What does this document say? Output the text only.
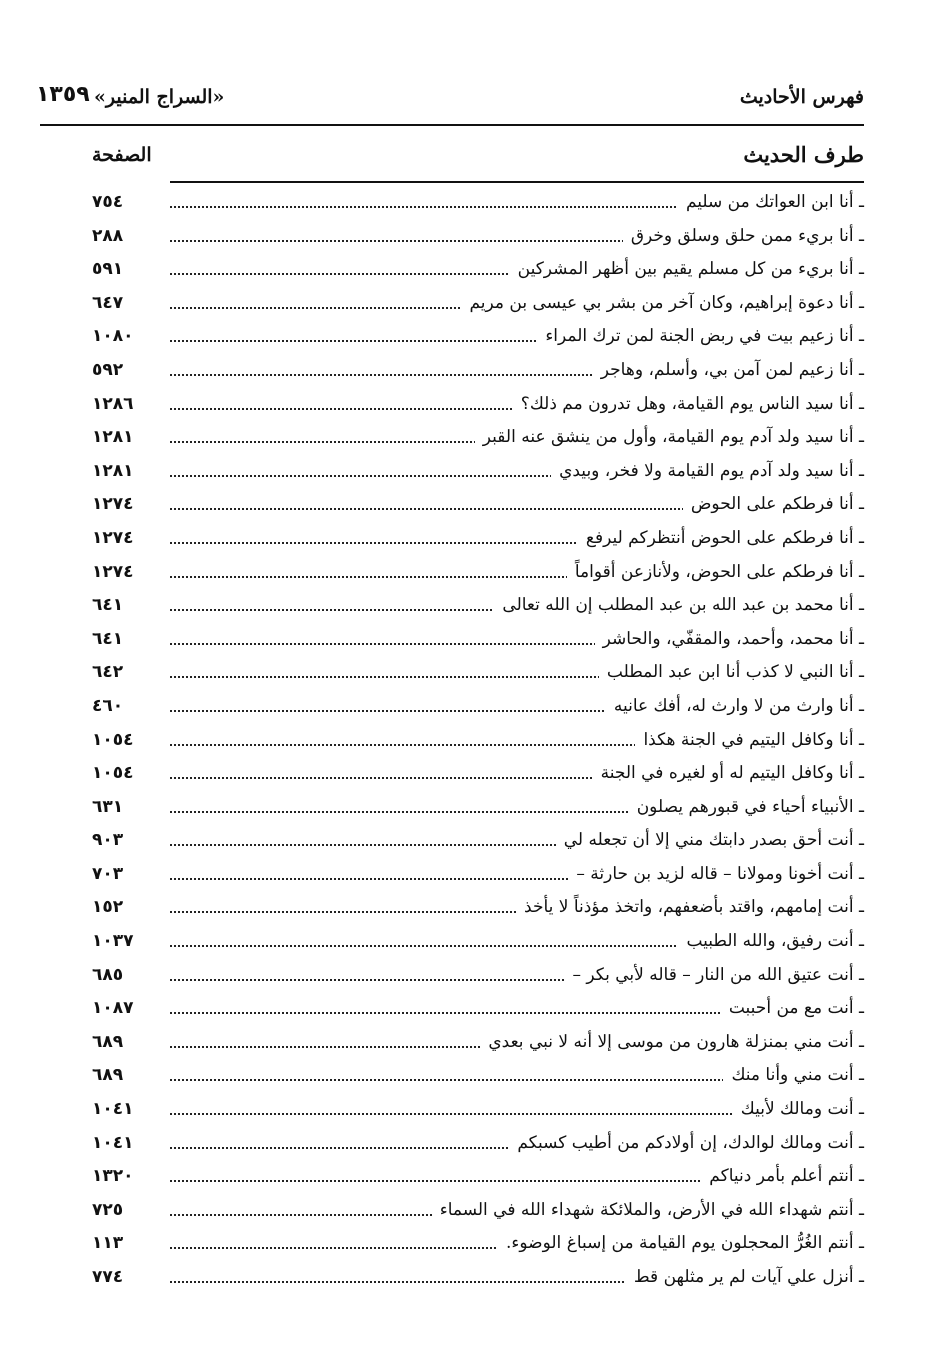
فهرس الأحاديث
«السراج المنير»
١٣٥٩
طرف الحديث
الصفحة
ـ أنا ابن العواتك من سليم
٧٥٤
ـ أنا بريء ممن حلق وسلق وخرق
٢٨٨
ـ أنا بريء من كل مسلم يقيم بين أظهر المشركين
٥٩١
ـ أنا دعوة إبراهيم، وكان آخر من بشر بي عيسى بن مريم
٦٤٧
ـ أنا زعيم بيت في ربض الجنة لمن ترك المراء
١٠٨٠
ـ أنا زعيم لمن آمن بي، وأسلم، وهاجر
٥٩٢
ـ أنا سيد الناس يوم القيامة، وهل تدرون مم ذلك؟
١٢٨٦
ـ أنا سيد ولد آدم يوم القيامة، وأول من ينشق عنه القبر
١٢٨١
ـ أنا سيد ولد آدم يوم القيامة ولا فخر، وبيدي
١٢٨١
ـ أنا فرطكم على الحوض
١٢٧٤
ـ أنا فرطكم على الحوض أنتظركم ليرفع
١٢٧٤
ـ أنا فرطكم على الحوض، ولأنازعن أقواماً
١٢٧٤
ـ أنا محمد بن عبد الله بن عبد المطلب إن الله تعالى
٦٤١
ـ أنا محمد، وأحمد، والمقفّي، والحاشر
٦٤١
ـ أنا النبي لا كذب أنا ابن عبد المطلب
٦٤٢
ـ أنا وارث من لا وارث له، أفك عانيه
٤٦٠
ـ أنا وكافل اليتيم في الجنة هكذا
١٠٥٤
ـ أنا وكافل اليتيم له أو لغيره في الجنة
١٠٥٤
ـ الأنبياء أحياء في قبورهم يصلون
٦٣١
ـ أنت أحق بصدر دابتك مني إلا أن تجعله لي
٩٠٣
ـ أنت أخونا ومولانا – قاله لزيد بن حارثة –
٧٠٣
ـ أنت إمامهم، واقتد بأضعفهم، واتخذ مؤذناً لا يأخذ
١٥٢
ـ أنت رفيق، والله الطبيب
١٠٣٧
ـ أنت عتيق الله من النار – قاله لأبي بكر –
٦٨٥
ـ أنت مع من أحببت
١٠٨٧
ـ أنت مني بمنزلة هارون من موسى إلا أنه لا نبي بعدي
٦٨٩
ـ أنت مني وأنا منك
٦٨٩
ـ أنت ومالك لأبيك
١٠٤١
ـ أنت ومالك لوالدك، إن أولادكم من أطيب كسبكم
١٠٤١
ـ أنتم أعلم بأمر دنياكم
١٣٢٠
ـ أنتم شهداء الله في الأرض، والملائكة شهداء الله في السماء
٧٢٥
ـ أنتم الغُرُّ المحجلون يوم القيامة من إسباغ الوضوء.
١١٣
ـ أنزل علي آيات لم ير مثلهن قط
٧٧٤
